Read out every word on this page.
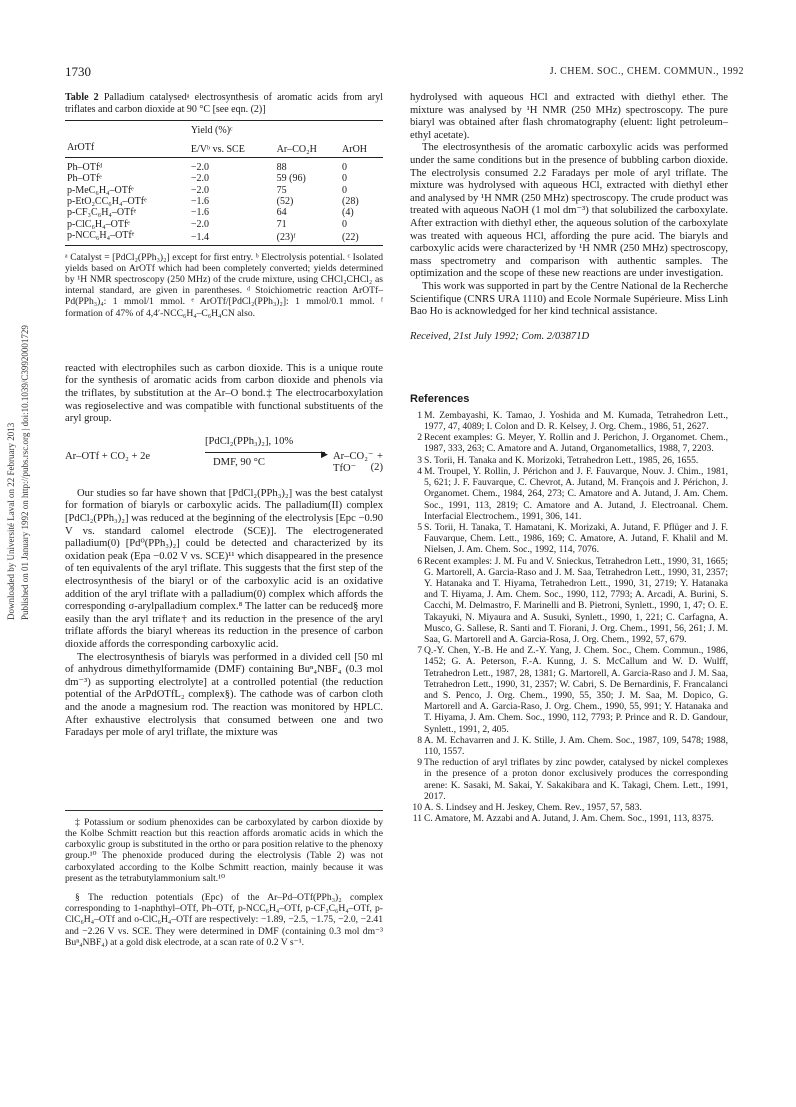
1730	J. CHEM. SOC., CHEM. COMMUN., 1992
Downloaded by Université Laval on 22 February 2013 Published on 01 January 1992 on http://pubs.rsc.org | doi:10.1039/C39920001729

Table 2 Palladium catalysedᵃ electrosynthesis of aromatic acids from aryl triflates and carbon dioxide at 90 °C [see eqn. (2)]

	Yield (%)ᶜ		
ArOTf	E/Vᵇ vs. SCE	Ar–CO₂H	ArOH
Ph–OTfᵈ	−2.0	88	0
Ph–OTfᵉ	−2.0	59 (96)	0
p-MeC₆H₄–OTfᵉ	−2.0	75	0
p-EtO₂CC₆H₄–OTfᵉ	−1.6	(52)	(28)
p-CF₃C₆H₄–OTfᵉ	−1.6	64	(4)
p-ClC₆H₄–OTfᵉ	−2.0	71	0
p-NCC₆H₄–OTfᵉ	−1.4	(23)ᶠ	(22)

ᵃ Catalyst = [PdCl₂(PPh₃)₂] except for first entry. ᵇ Electrolysis potential. ᶜ Isolated yields based on ArOTf which had been completely converted; yields determined by ¹H NMR spectroscopy (250 MHz) of the crude mixture, using CHCl₂CHCl₂ as internal standard, are given in parentheses. ᵈ Stoichiometric reaction ArOTf–Pd(PPh₃)₄: 1 mmol/1 mmol. ᵉ ArOTf/[PdCl₂(PPh₃)₂]: 1 mmol/0.1 mmol. ᶠ formation of 47% of 4,4′-NCC₆H₄–C₆H₄CN also.

reacted with electrophiles such as carbon dioxide. This is a unique route for the synthesis of aromatic acids from carbon dioxide and phenols via the triflates, by substitution at the Ar–O bond.‡ The electrocarboxylation was regioselective and was compatible with functional substituents of the aryl group.

Ar–OTf + CO₂ + 2e
[PdCl₂(PPh₃)₂], 10%
▶
DMF, 90 °C
Ar–CO₂⁻ + TfO⁻	(2)

Our studies so far have shown that [PdCl₂(PPh₃)₂] was the best catalyst for formation of biaryls or carboxylic acids. The palladium(II) complex [PdCl₂(PPh₃)₂] was reduced at the beginning of the electrolysis [Epc −0.90 V vs. standard calomel electrode (SCE)]. The electrogenerated palladium(0) [Pd⁰(PPh₃)₂] could be detected and characterized by its oxidation peak (Epa −0.02 V vs. SCE)¹¹ which disappeared in the presence of ten equivalents of the aryl triflate. This suggests that the first step of the electrosynthesis of the biaryl or of the carboxylic acid is an oxidative addition of the aryl triflate with a palladium(0) complex which affords the corresponding σ-arylpalladium complex.⁸ The latter can be reduced§ more easily than the aryl triflate† and its reduction in the presence of the aryl triflate affords the biaryl whereas its reduction in the presence of carbon dioxide affords the corresponding carboxylic acid.

The electrosynthesis of biaryls was performed in a divided cell [50 ml of anhydrous dimethylformamide (DMF) containing Buⁿ₄NBF₄ (0.3 mol dm⁻³) as supporting electrolyte] at a controlled potential (the reduction potential of the ArPdOTfL₂ complex§). The cathode was of carbon cloth and the anode a magnesium rod. The reaction was monitored by HPLC. After exhaustive electrolysis that consumed between one and two Faradays per mole of aryl triflate, the mixture was

‡ Potassium or sodium phenoxides can be carboxylated by carbon dioxide by the Kolbe Schmitt reaction but this reaction affords aromatic acids in which the carboxylic group is substituted in the ortho or para position relative to the phenoxy group.¹⁰ The phenoxide produced during the electrolysis (Table 2) was not carboxylated according to the Kolbe Schmitt reaction, mainly because it was present as the tetrabutylammonium salt.¹⁰

§ The reduction potentials (Epc) of the Ar–Pd–OTf(PPh₃)₂ complex corresponding to 1-naphthyl–OTf, Ph–OTf, p-NCC₆H₄–OTf, p-CF₃C₆H₄–OTf, p-ClC₆H₄–OTf and o-ClC₆H₄–OTf are respectively: −1.89, −2.5, −1.75, −2.0, −2.41 and −2.26 V vs. SCE. They were determined in DMF (containing 0.3 mol dm⁻³ Buⁿ₄NBF₄) at a gold disk electrode, at a scan rate of 0.2 V s⁻¹.

hydrolysed with aqueous HCl and extracted with diethyl ether. The mixture was analysed by ¹H NMR (250 MHz) spectroscopy. The pure biaryl was obtained after flash chromatography (eluent: light petroleum–ethyl acetate).

The electrosynthesis of the aromatic carboxylic acids was performed under the same conditions but in the presence of bubbling carbon dioxide. The electrolysis consumed 2.2 Faradays per mole of aryl triflate. The mixture was hydrolysed with aqueous HCl, extracted with diethyl ether and analysed by ¹H NMR (250 MHz) spectroscopy. The crude product was treated with aqueous NaOH (1 mol dm⁻³) that solubilized the carboxylate. After extraction with diethyl ether, the aqueous solution of the carboxylate was treated with aqueous HCl, affording the pure acid. The biaryls and carboxylic acids were characterized by ¹H NMR (250 MHz) spectroscopy, mass spectrometry and comparison with authentic samples. The optimization and the scope of these new reactions are under investigation.

This work was supported in part by the Centre National de la Recherche Scientifique (CNRS URA 1110) and Ecole Normale Supérieure. Miss Linh Bao Ho is acknowledged for her kind technical assistance.

Received, 21st July 1992; Com. 2/03871D

References
1 M. Zembayashi, K. Tamao, J. Yoshida and M. Kumada, Tetrahedron Lett., 1977, 47, 4089; I. Colon and D. R. Kelsey, J. Org. Chem., 1986, 51, 2627.
2 Recent examples: G. Meyer, Y. Rollin and J. Perichon, J. Organomet. Chem., 1987, 333, 263; C. Amatore and A. Jutand, Organometallics, 1988, 7, 2203.
3 S. Torii, H. Tanaka and K. Morizoki, Tetrahedron Lett., 1985, 26, 1655.
4 M. Troupel, Y. Rollin, J. Périchon and J. F. Fauvarque, Nouv. J. Chim., 1981, 5, 621; J. F. Fauvarque, C. Chevrot, A. Jutand, M. François and J. Périchon, J. Organomet. Chem., 1984, 264, 273; C. Amatore and A. Jutand, J. Am. Chem. Soc., 1991, 113, 2819; C. Amatore and A. Jutand, J. Electroanal. Chem. Interfacial Electrochem., 1991, 306, 141.
5 S. Torii, H. Tanaka, T. Hamatani, K. Morizaki, A. Jutand, F. Pflüger and J. F. Fauvarque, Chem. Lett., 1986, 169; C. Amatore, A. Jutand, F. Khalil and M. Nielsen, J. Am. Chem. Soc., 1992, 114, 7076.
6 Recent examples: J. M. Fu and V. Snieckus, Tetrahedron Lett., 1990, 31, 1665; G. Martorell, A. Garcia-Raso and J. M. Saa, Tetrahedron Lett., 1990, 31, 2357; Y. Hatanaka and T. Hiyama, Tetrahedron Lett., 1990, 31, 2719; Y. Hatanaka and T. Hiyama, J. Am. Chem. Soc., 1990, 112, 7793; A. Arcadi, A. Burini, S. Cacchi, M. Delmastro, F. Marinelli and B. Pietroni, Synlett., 1990, 1, 47; O. E. Takayuki, N. Miyaura and A. Susuki, Synlett., 1990, 1, 221; C. Carfagna, A. Musco, G. Sallese, R. Santi and T. Fiorani, J. Org. Chem., 1991, 56, 261; J. M. Saa, G. Martorell and A. Garcia-Rosa, J. Org. Chem., 1992, 57, 679.
7 Q.-Y. Chen, Y.-B. He and Z.-Y. Yang, J. Chem. Soc., Chem. Commun., 1986, 1452; G. A. Peterson, F.-A. Kunng, J. S. McCallum and W. D. Wulff, Tetrahedron Lett., 1987, 28, 1381; G. Martorell, A. Garcia-Raso and J. M. Saa, Tetrahedron Lett., 1990, 31, 2357; W. Cabri, S. De Bernardinis, F. Francalanci and S. Penco, J. Org. Chem., 1990, 55, 350; J. M. Saa, M. Dopico, G. Martorell and A. Garcia-Raso, J. Org. Chem., 1990, 55, 991; Y. Hatanaka and T. Hiyama, J. Am. Chem. Soc., 1990, 112, 7793; P. Prince and R. D. Gandour, Synlett., 1991, 2, 405.
8 A. M. Echavarren and J. K. Stille, J. Am. Chem. Soc., 1987, 109, 5478; 1988, 110, 1557.
9 The reduction of aryl triflates by zinc powder, catalysed by nickel complexes in the presence of a proton donor exclusively produces the corresponding arene: K. Sasaki, M. Sakai, Y. Sakakibara and K. Takagi, Chem. Lett., 1991, 2017.
10 A. S. Lindsey and H. Jeskey, Chem. Rev., 1957, 57, 583.
11 C. Amatore, M. Azzabi and A. Jutand, J. Am. Chem. Soc., 1991, 113, 8375.
